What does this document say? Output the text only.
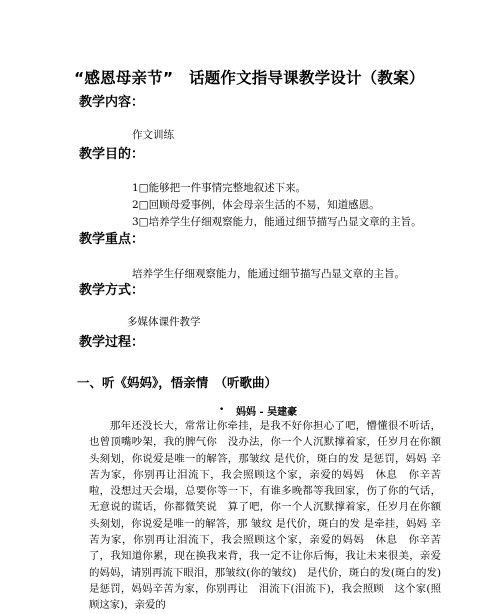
“感恩母亲节”　话题作文指导课教学设计（教案）
教学内容：
作文训练
教学目的：
1□能够把一件事情完整地叙述下来。
2□回顾母爱事例，体会母亲生活的不易，知道感恩。
3□培养学生仔细观察能力，能通过细节描写凸显文章的主旨。
教学重点：
培养学生仔细观察能力，能通过细节描写凸显文章的主旨。
教学方式：
多媒体课件教学
教学过程：
一、听《妈妈》，悟亲情　（听歌曲）
• 妈妈 - 吴建豪
那年还没长大，常常让你牵挂，是我不好你担心了吧，懵懂很不听话，也曾顶嘴吵架，我的脾气你　没办法，你一个人沉默撑着家，任岁月在你额头刻划，你说爱是唯一的解答，那皱纹 是代价，斑白的发 是惩罚，妈妈 辛苦为家，你别再让泪流下，我会照顾这个家，亲爱的妈妈　休息　你辛苦啦，没想过天会塌，总要你等一下，有谁多晚都等我回家，伤了你的气话，无意说的谎话，你都微笑说　算了吧，你一个人沉默撑着家，任岁月在你额头刻划，你说爱是唯一的解答，那 皱纹 是代价，斑白的发 是牵挂，妈妈 辛苦为家，你别再让泪流下，我会照顾这个家，亲爱的妈妈　休息　你辛苦了，我知道你累，现在换我来背，我一定不让你后悔，我让未来很美，亲爱的妈妈，请别再流下眼泪，那皱纹(你的皱纹)　是代价，斑白的发(斑白的发)　是惩罚，妈妈辛苦为家，你别再让　泪流下(泪流下)，我会照顾　这个家(照顾这家)，亲爱的
